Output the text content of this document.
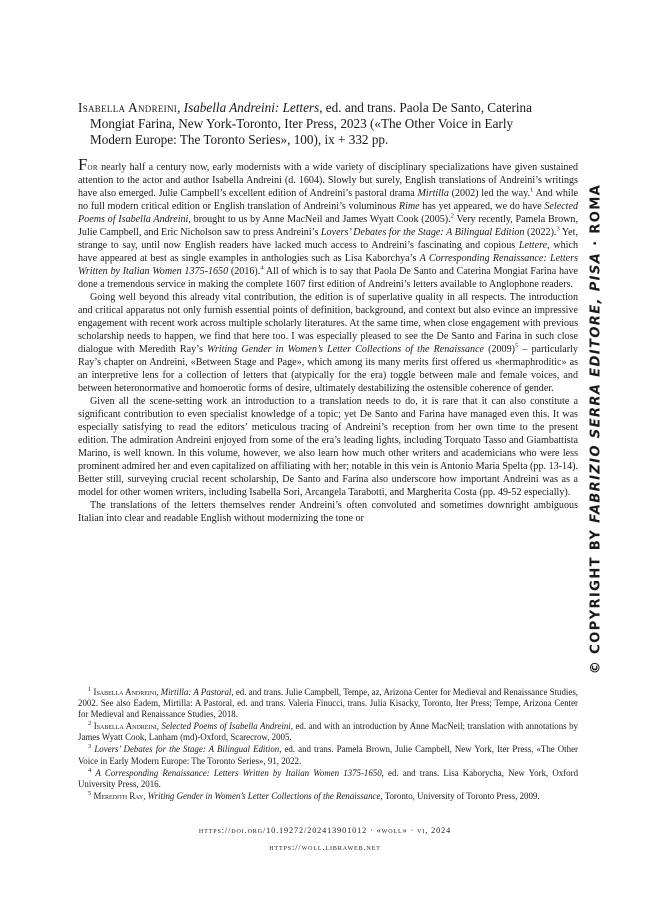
Isabella Andreini, Isabella Andreini: Letters, ed. and trans. Paola De Santo, Caterina
Mongiat Farina, New York-Toronto, Iter Press, 2023 («The Other Voice in Early
Modern Europe: The Toronto Series», 100), ix + 332 pp.

For nearly half a century now, early modernists with a wide variety of disciplinary specializations have given sustained attention to the actor and author Isabella Andreini (d. 1604). Slowly but surely, English translations of Andreini’s writings have also emerged. Julie Campbell’s excellent edition of Andreini’s pastoral drama Mirtilla (2002) led the way.$^1$ And while no full modern critical edition or English translation of Andreini’s voluminous Rime has yet appeared, we do have Selected Poems of Isabella Andreini, brought to us by Anne MacNeil and James Wyatt Cook (2005).$^2$ Very recently, Pamela Brown, Julie Campbell, and Eric Nicholson saw to press Andreini’s Lovers’ Debates for the Stage: A Bilingual Edition (2022).$^3$ Yet, strange to say, until now English readers have lacked much access to Andreini’s fascinating and copious Lettere, which have appeared at best as single examples in anthologies such as Lisa Kaborchya’s A Corresponding Renaissance: Letters Written by Italian Women 1375-1650 (2016).$^4$ All of which is to say that Paola De Santo and Caterina Mongiat Farina have done a tremendous service in making the complete 1607 first edition of Andreini’s letters available to Anglophone readers.

Going well beyond this already vital contribution, the edition is of superlative quality in all respects. The introduction and critical apparatus not only furnish essential points of definition, background, and context but also evince an impressive engagement with recent work across multiple scholarly literatures. At the same time, when close engagement with previous scholarship needs to happen, we find that here too. I was especially pleased to see the De Santo and Farina in such close dialogue with Meredith Ray’s Writing Gender in Women’s Letter Collections of the Renaissance $(2009)^5$ – particularly Ray’s chapter on Andreini, «Between Stage and Page», which among its many merits first offered us «hermaphroditic» as an interpretive lens for a collection of letters that (atypically for the era) toggle between male and female voices, and between heteronormative and homoerotic forms of desire, ultimately destabilizing the ostensible coherence of gender.

Given all the scene-setting work an introduction to a translation needs to do, it is rare that it can also constitute a significant contribution to even specialist knowledge of a topic; yet De Santo and Farina have managed even this. It was especially satisfying to read the editors’ meticulous tracing of Andreini’s reception from her own time to the present edition. The admiration Andreini enjoyed from some of the era’s leading lights, including Torquato Tasso and Giambattista Marino, is well known. In this volume, however, we also learn how much other writers and academicians who were less prominent admired her and even capitalized on affiliating with her; notable in this vein is Antonio Maria Spelta (pp. 13-14). Better still, surveying crucial recent scholarship, De Santo and Farina also underscore how important Andreini was as a model for other women writers, including Isabella Sori, Arcangela Tarabotti, and Margherita Costa (pp. 49-52 especially).

The translations of the letters themselves render Andreini’s often convoluted and sometimes downright ambiguous Italian into clear and readable English without modernizing the tone or

$^1$ Isabella Andreini, Mirtilla: A Pastoral, ed. and trans. Julie Campbell, Tempe, az, Arizona Center for Medieval and Renaissance Studies, 2002. See also Eadem, Mirtilla: A Pastoral, ed. and trans. Valeria Finucci, trans. Julia Kisacky, Toronto, Iter Press; Tempe, Arizona Center for Medieval and Renaissance Studies, 2018.

$^2$ Isabella Andreini, Selected Poems of Isabella Andreini, ed. and with an introduction by Anne MacNeil; translation with annotations by James Wyatt Cook, Lanham (md)-Oxford, Scarecrow, 2005.

$^3$ Lovers’ Debates for the Stage: A Bilingual Edition, ed. and trans. Pamela Brown, Julie Campbell, New York, Iter Press, «The Other Voice in Early Modern Europe: The Toronto Series», 91, 2022.

$^4$ A Corresponding Renaissance: Letters Written by Italian Women 1375-1650, ed. and trans. Lisa Kaborycha, New York, Oxford University Press, 2016.

$^5$ Meredith Ray, Writing Gender in Women’s Letter Collections of the Renaissance, Toronto, University of Toronto Press, 2009.

https://doi.org/10.19272/202413901012 · «woll» · vi, 2024
https://woll.libraweb.net
© COPYRIGHT BY FABRIZIO SERRA EDITORE, PISA · ROMA
